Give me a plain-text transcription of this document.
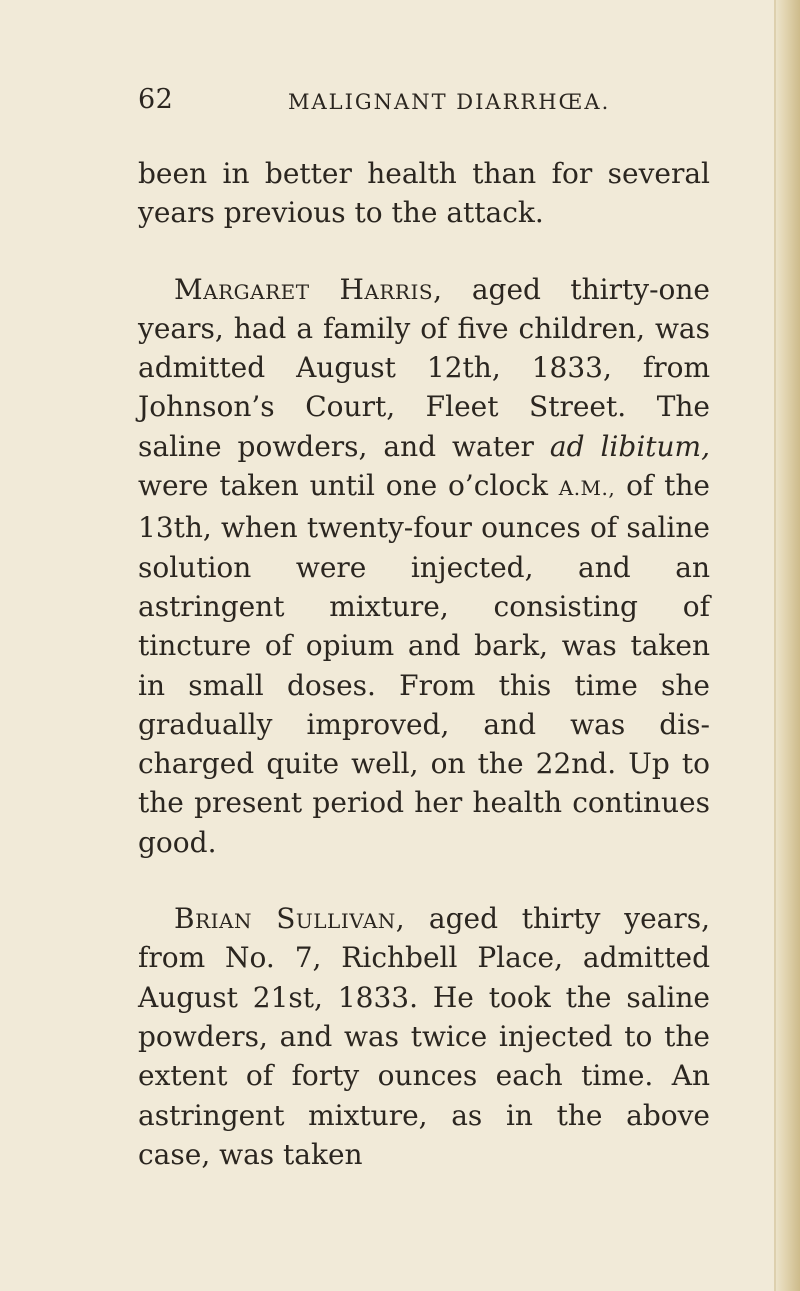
62	MALIGNANT DIARRHŒA.

been in better health than for several years previous to the attack.

Margaret Harris, aged thirty-one years, had a family of five children, was admitted August 12th, 1833, from Johnson’s Court, Fleet Street. The saline powders, and water ad libitum, were taken until one o’clock A.M., of the 13th, when twenty-four ounces of saline solution were injected, and an astringent mixture, consisting of tincture of opium and bark, was taken in small doses. From this time she gradually improved, and was discharged quite well, on the 22nd. Up to the present period her health continues good.

Brian Sullivan, aged thirty years, from No. 7, Richbell Place, admitted August 21st, 1833. He took the saline powders, and was twice injected to the extent of forty ounces each time. An astringent mixture, as in the above case, was taken
